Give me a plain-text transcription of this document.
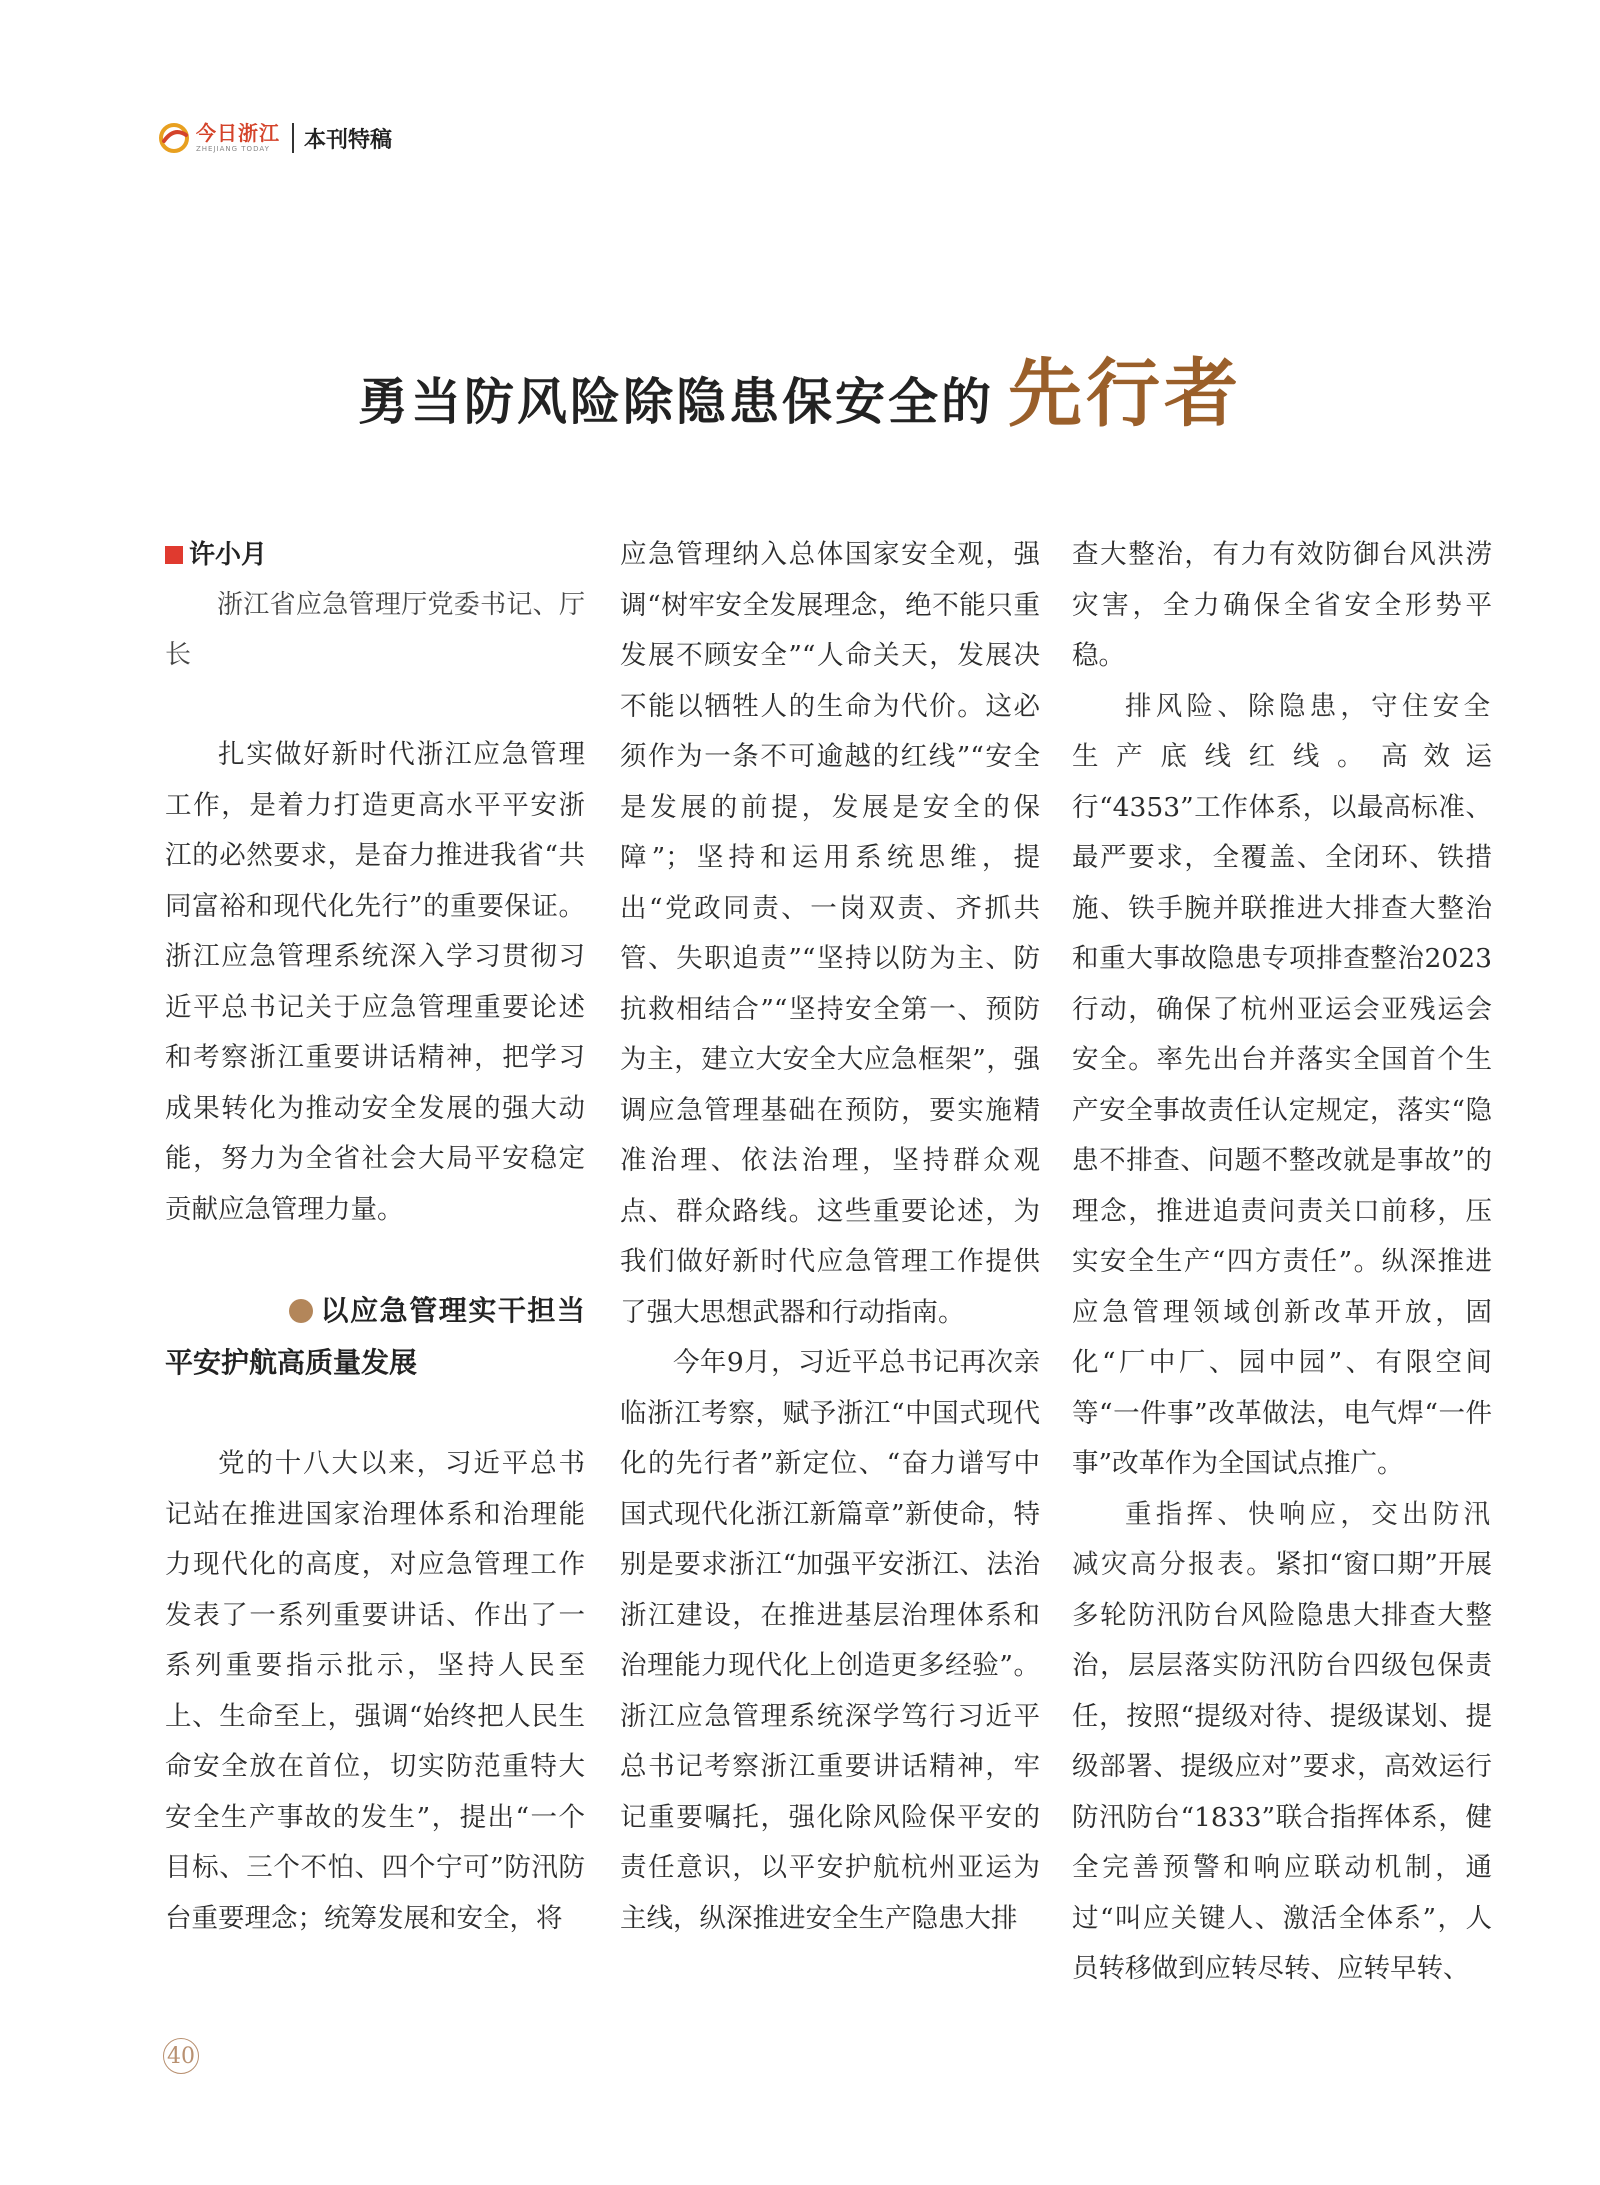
今日浙江
ZHEJIANG TODAY	本刊特稿
勇当防风险除隐患保安全的 先行者
许小月

浙江省应急管理厅党委书记、厅长

扎实做好新时代浙江应急管理工作，是着力打造更高水平平安浙江的必然要求，是奋力推进我省“共同富裕和现代化先行”的重要保证。浙江应急管理系统深入学习贯彻习近平总书记关于应急管理重要论述和考察浙江重要讲话精神，把学习成果转化为推动安全发展的强大动能，努力为全省社会大局平安稳定贡献应急管理力量。

以应急管理实干担当平安护航高质量发展

党的十八大以来，习近平总书记站在推进国家治理体系和治理能力现代化的高度，对应急管理工作发表了一系列重要讲话、作出了一系列重要指示批示，坚持人民至上、生命至上，强调“始终把人民生命安全放在首位，切实防范重特大安全生产事故的发生”，提出“一个目标、三个不怕、四个宁可”防汛防台重要理念；统筹发展和安全，将

应急管理纳入总体国家安全观，强调“树牢安全发展理念，绝不能只重发展不顾安全”“人命关天，发展决不能以牺牲人的生命为代价。这必须作为一条不可逾越的红线”“安全是发展的前提，发展是安全的保障”；坚持和运用系统思维，提出“党政同责、一岗双责、齐抓共管、失职追责”“坚持以防为主、防抗救相结合”“坚持安全第一、预防为主，建立大安全大应急框架”，强调应急管理基础在预防，要实施精准治理、依法治理，坚持群众观点、群众路线。这些重要论述，为我们做好新时代应急管理工作提供了强大思想武器和行动指南。

今年9月，习近平总书记再次亲临浙江考察，赋予浙江“中国式现代化的先行者”新定位、“奋力谱写中国式现代化浙江新篇章”新使命，特别是要求浙江“加强平安浙江、法治浙江建设，在推进基层治理体系和治理能力现代化上创造更多经验”。浙江应急管理系统深学笃行习近平总书记考察浙江重要讲话精神，牢记重要嘱托，强化除风险保平安的责任意识，以平安护航杭州亚运为主线，纵深推进安全生产隐患大排

查大整治，有力有效防御台风洪涝灾害，全力确保全省安全形势平稳。

排风险、除隐患，守住安全生产底线红线。高效运行“4353”工作体系，以最高标准、最严要求，全覆盖、全闭环、铁措施、铁手腕并联推进大排查大整治和重大事故隐患专项排查整治2023行动，确保了杭州亚运会亚残运会安全。率先出台并落实全国首个生产安全事故责任认定规定，落实“隐患不排查、问题不整改就是事故”的理念，推进追责问责关口前移，压实安全生产“四方责任”。纵深推进应急管理领域创新改革开放，固化“厂中厂、园中园”、有限空间等“一件事”改革做法，电气焊“一件事”改革作为全国试点推广。

重指挥、快响应，交出防汛减灾高分报表。紧扣“窗口期”开展多轮防汛防台风险隐患大排查大整治，层层落实防汛防台四级包保责任，按照“提级对待、提级谋划、提级部署、提级应对”要求，高效运行防汛防台“1833”联合指挥体系，健全完善预警和响应联动机制，通过“叫应关键人、激活全体系”，人员转移做到应转尽转、应转早转、

40
